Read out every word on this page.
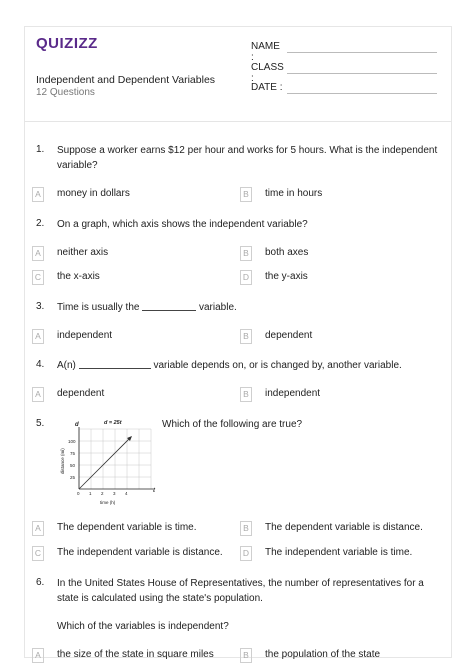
QUIZIZZ
Independent and Dependent Variables
12 Questions
NAME :
CLASS :
DATE :
1. Suppose a worker earns $12 per hour and works for 5 hours. What is the independent variable?
A	money in dollars	B	time in hours
2. On a graph, which axis shows the independent variable?
A	neither axis	B	both axes
C the x-axis	D the y-axis
3. Time is usually the	variable.
A	independent	B	dependent
4. A(n)	variable depends on, or is changed by, another variable.
A	dependent	B	independent
5.	d = 25t
d
100
75
50
25
0 1 2 3 4	t
time (h)
distance (mi)
Which of the following are true?
A	The dependent variable is time.	B	The dependent variable is distance.
C The independent variable is distance.	D The independent variable is time.
6. In the United States House of Representatives, the number of representatives for a state is calculated using the state's population.
Which of the variables is independent?
A	the size of the state in square miles	B	the population of the state
